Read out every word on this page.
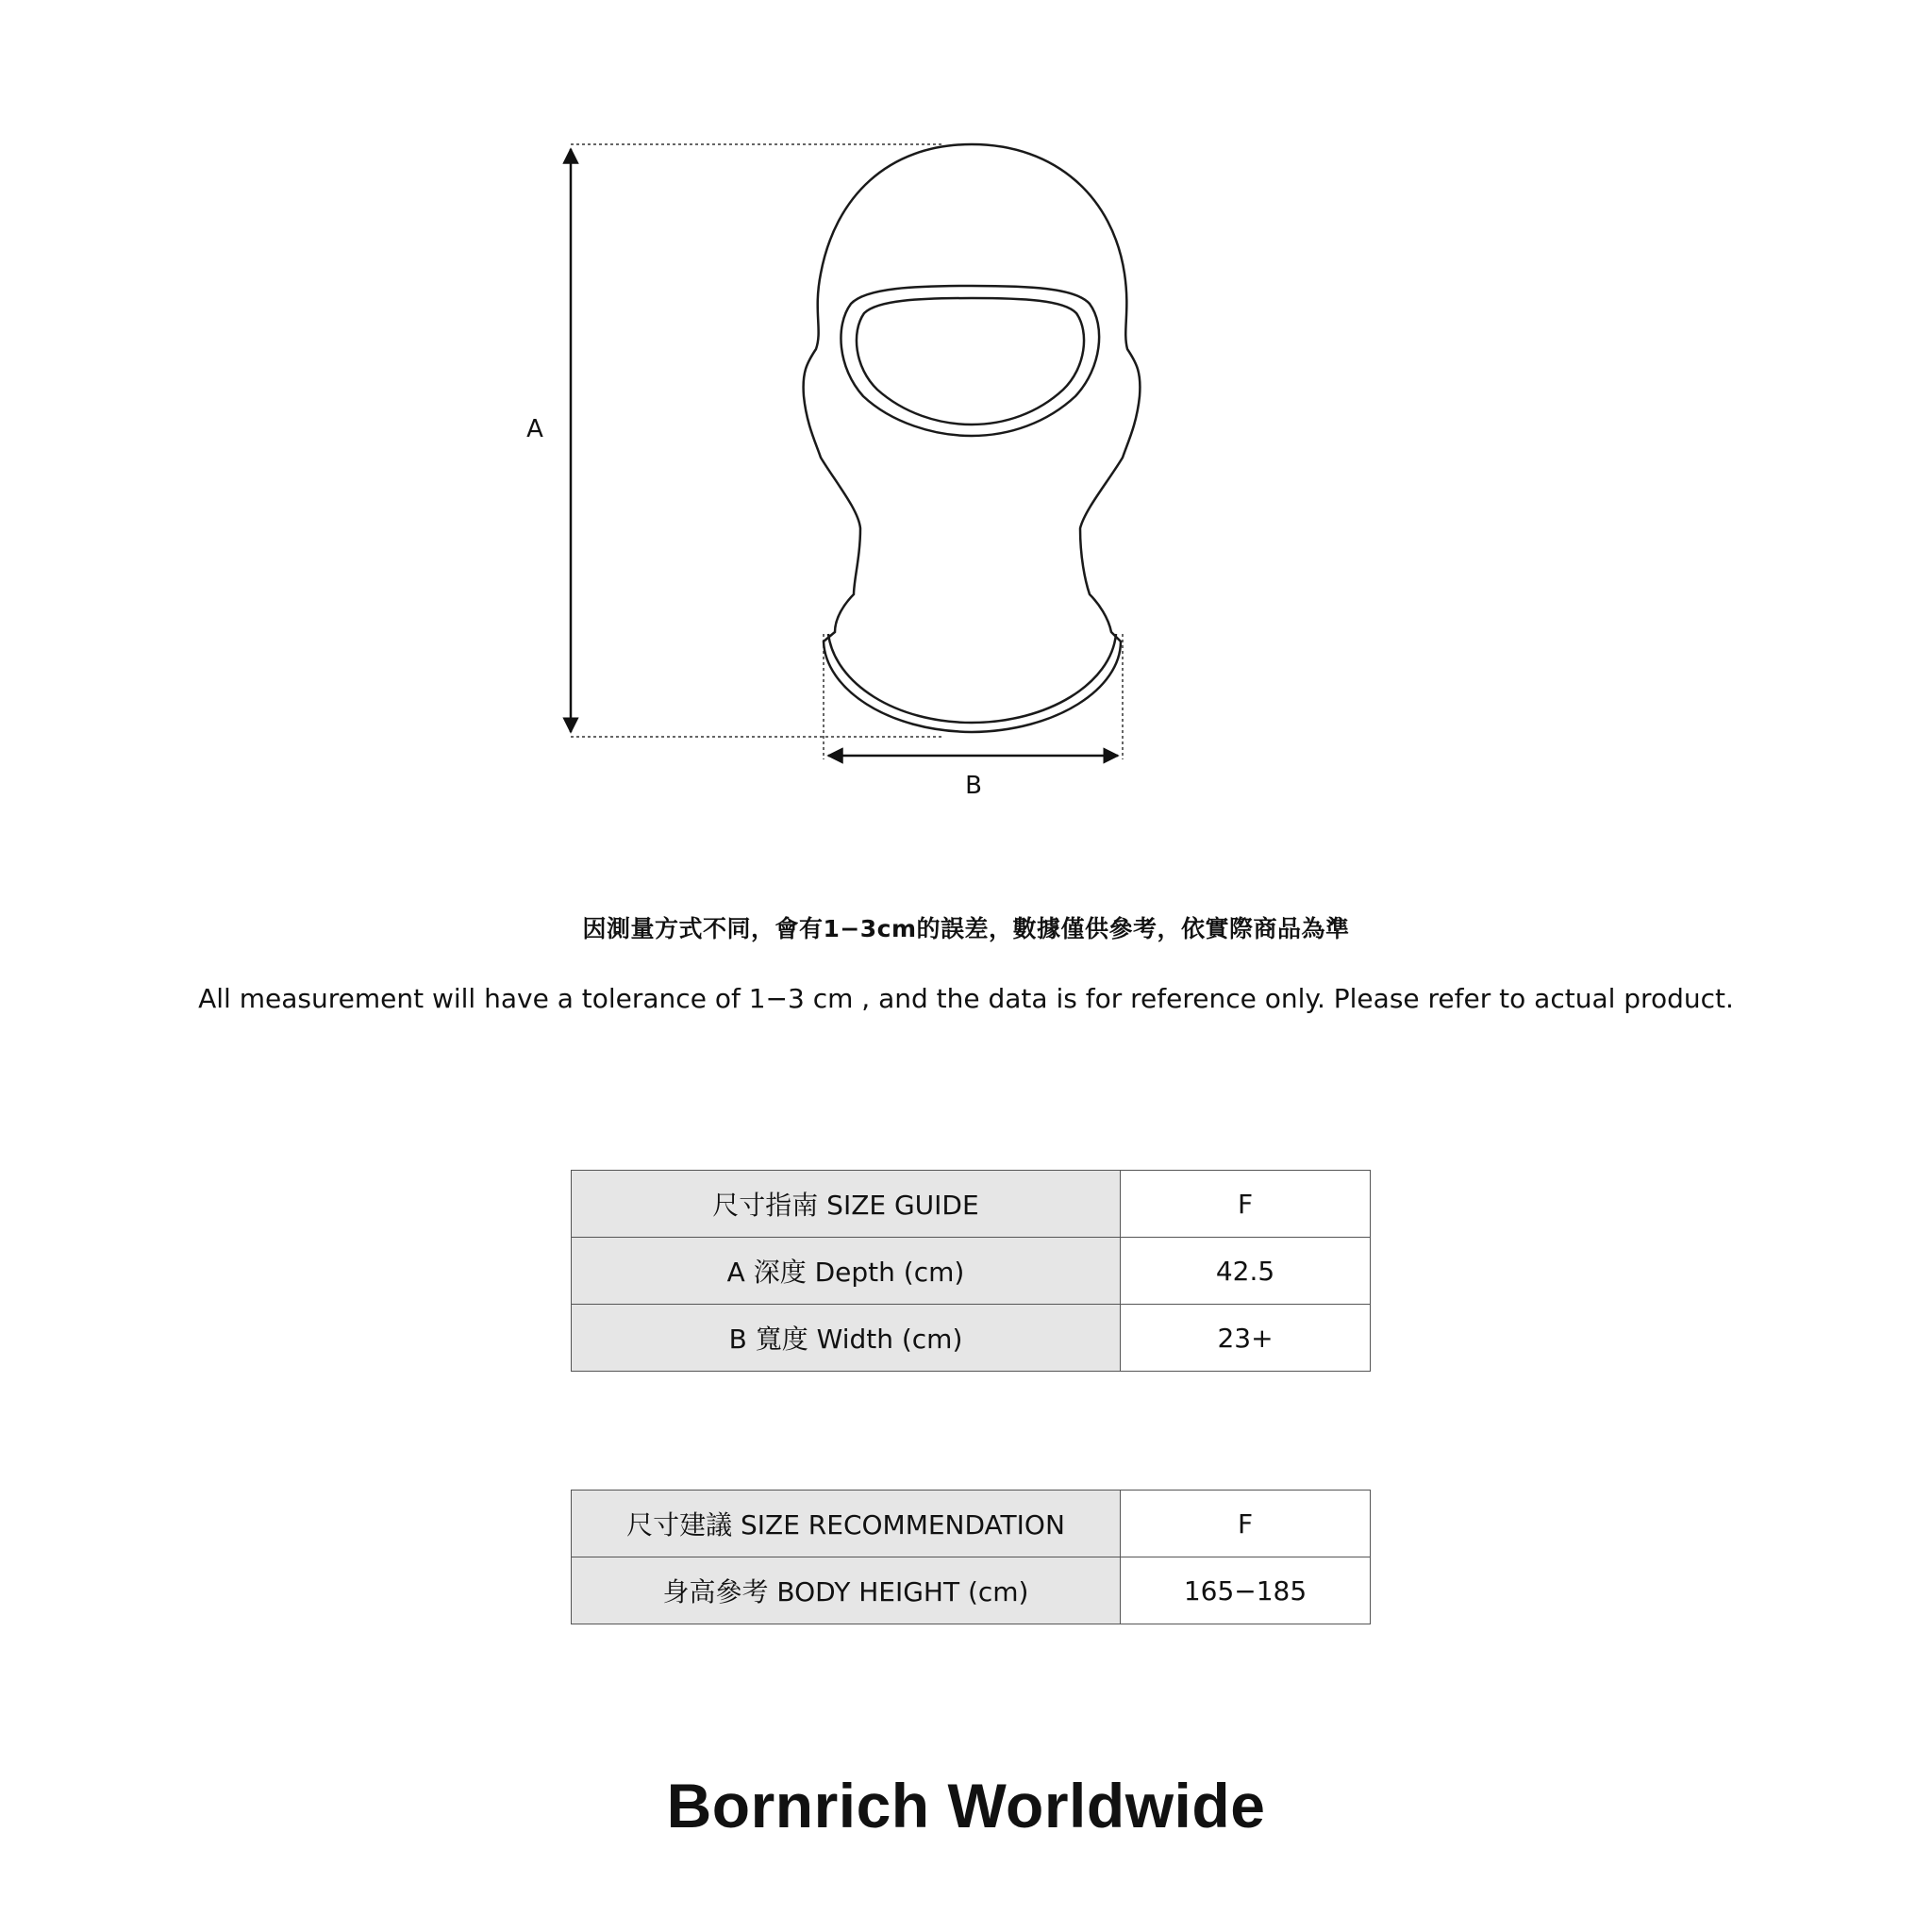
A
B
因測量方式不同，會有1−3cm的誤差，數據僅供參考，依實際商品為準
All measurement will have a tolerance of 1−3 cm , and the data is for reference only. Please refer to actual product.
尺寸指南 SIZE GUIDE	F
A 深度 Depth (cm)	42.5
B 寬度 Width (cm)	23+
尺寸建議 SIZE RECOMMENDATION	F
身高參考 BODY HEIGHT (cm)	165−185
Bornrich Worldwide
